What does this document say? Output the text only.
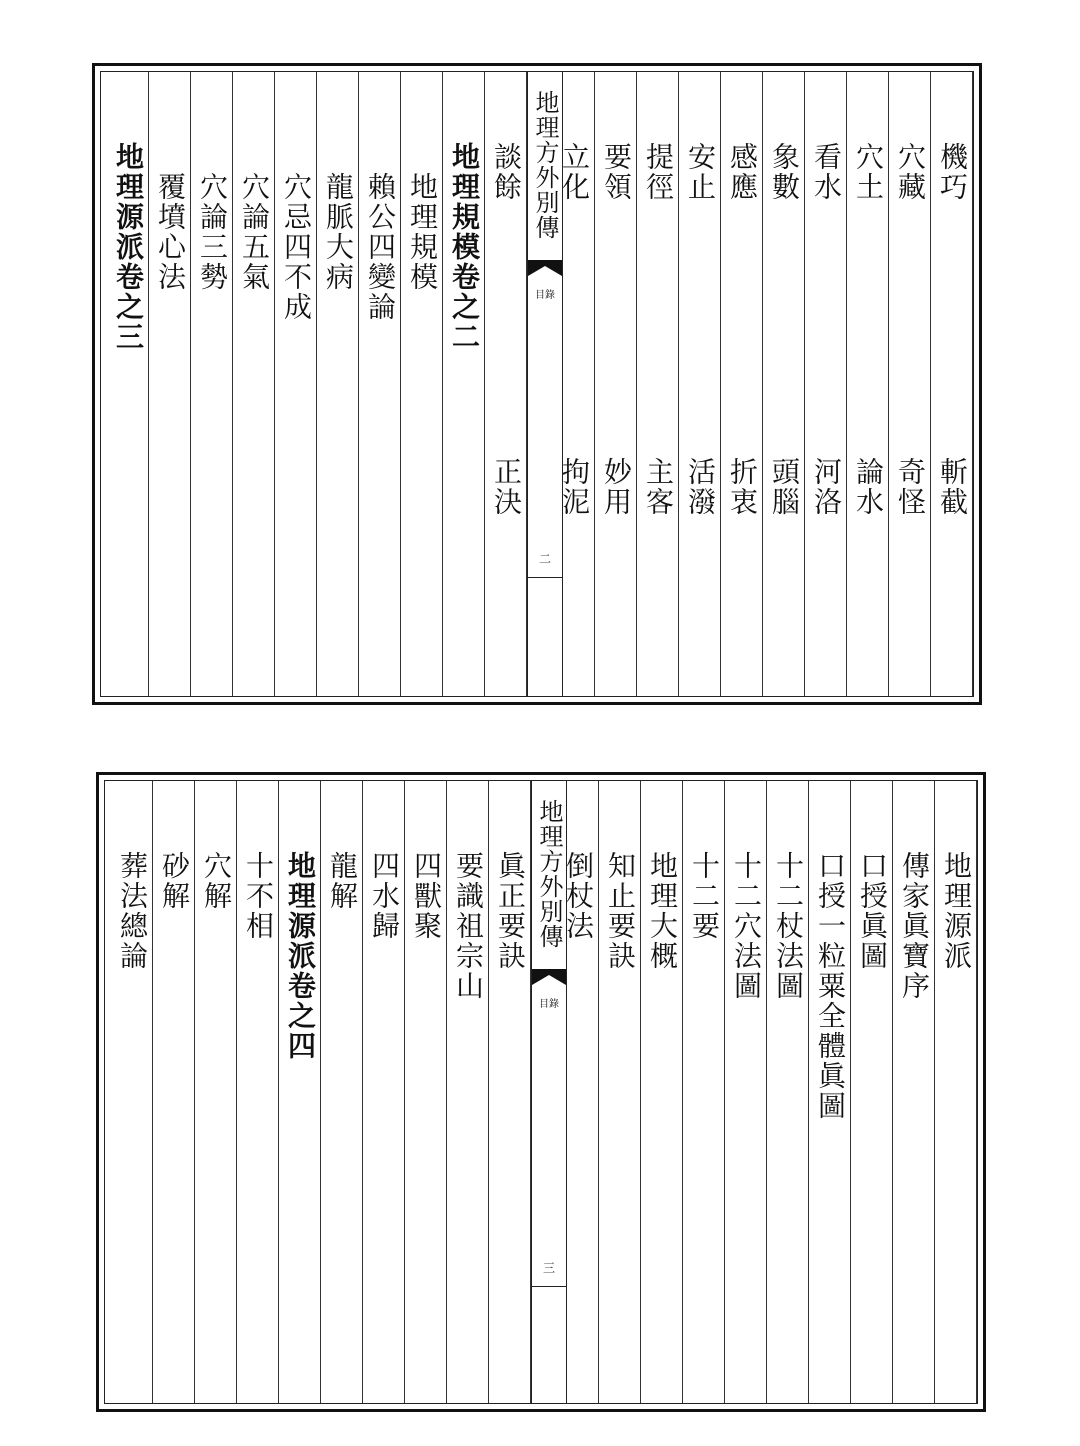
機巧
斬截
穴藏
奇怪
穴土
論水
看水
河洛
象數
頭腦
感應
折衷
安止
活潑
提徑
主客
要領
妙用
立化
拘泥
地理方外別傳
目錄
二
談餘
正決
地理規模卷之二
地理規模
賴公四變論
龍脈大病
穴忌四不成
穴論五氣
穴論三勢
覆墳心法
地理源派卷之三
地理源派
傳家眞寶序
口授眞圖
口授一粒粟全體眞圖
十二杖法圖
十二穴法圖
十二要
地理大概
知止要訣
倒杖法
地理方外別傳
目錄
三
眞正要訣
要識祖宗山
四獸聚
四水歸
龍解
地理源派卷之四
十不相
穴解
砂解
葬法總論
